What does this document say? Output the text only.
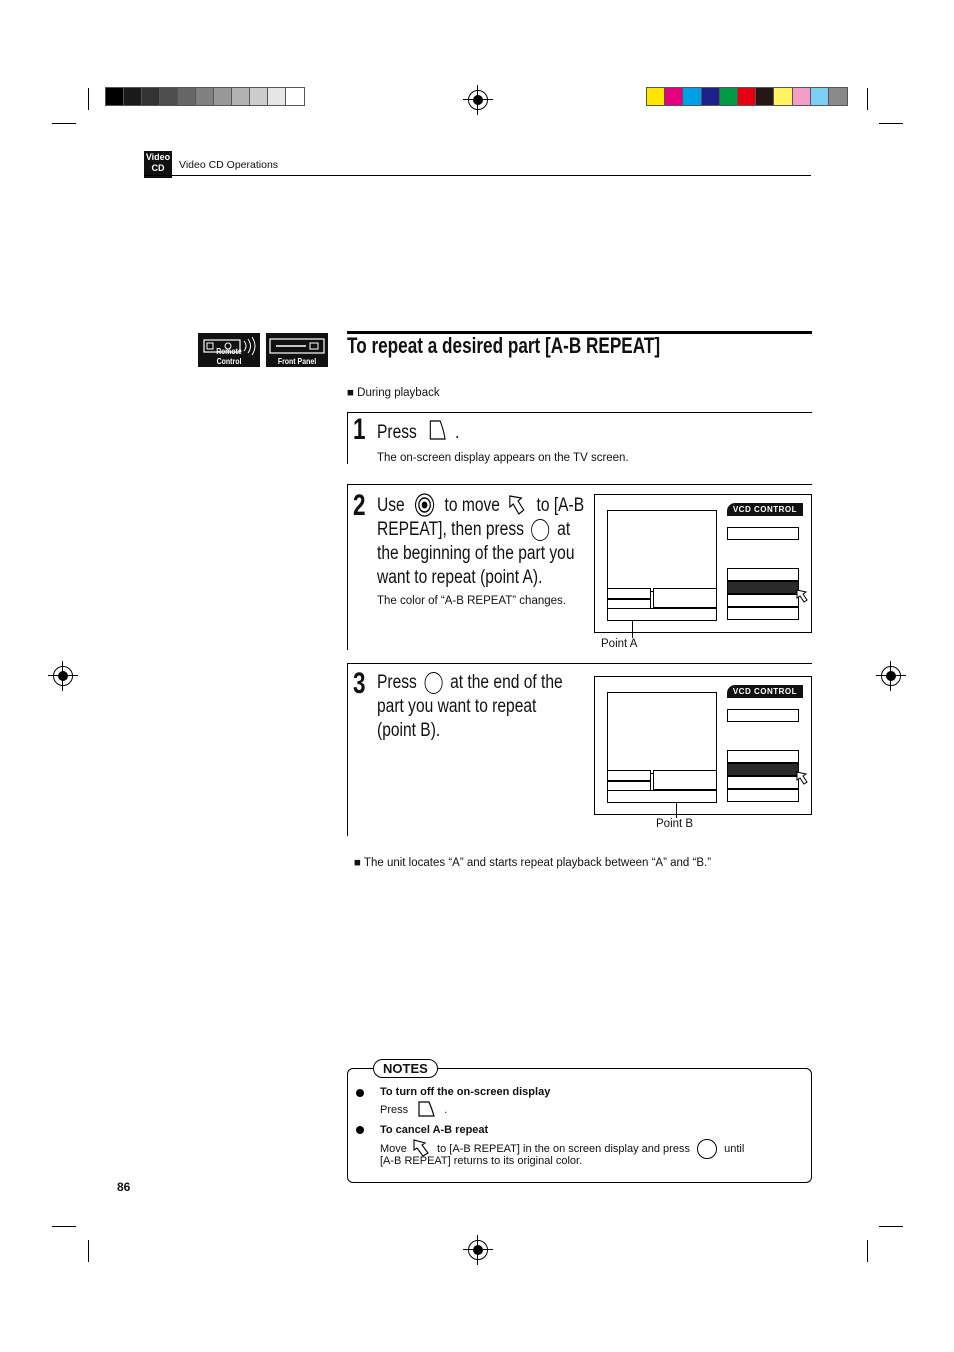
Video
CD	Video CD Operations
Remote Control	Front Panel
To repeat a desired part [A-B REPEAT]
■ During playback
1 Press .
The on-screen display appears on the TV screen.
2 Use to move to [A-B
REPEAT], then press at
the beginning of the part you
want to repeat (point A).
The color of “A-B REPEAT” changes.
VCD CONTROL
Point A
3 Press at the end of the
part you want to repeat
(point B).
VCD CONTROL
Point B
■ The unit locates “A” and starts repeat playback between “A” and “B.”
NOTES
To turn off the on-screen display
Press	.
To cancel A-B repeat
Move	to [A-B REPEAT] in the on screen display and press	until
[A-B REPEAT] returns to its original color.
86
